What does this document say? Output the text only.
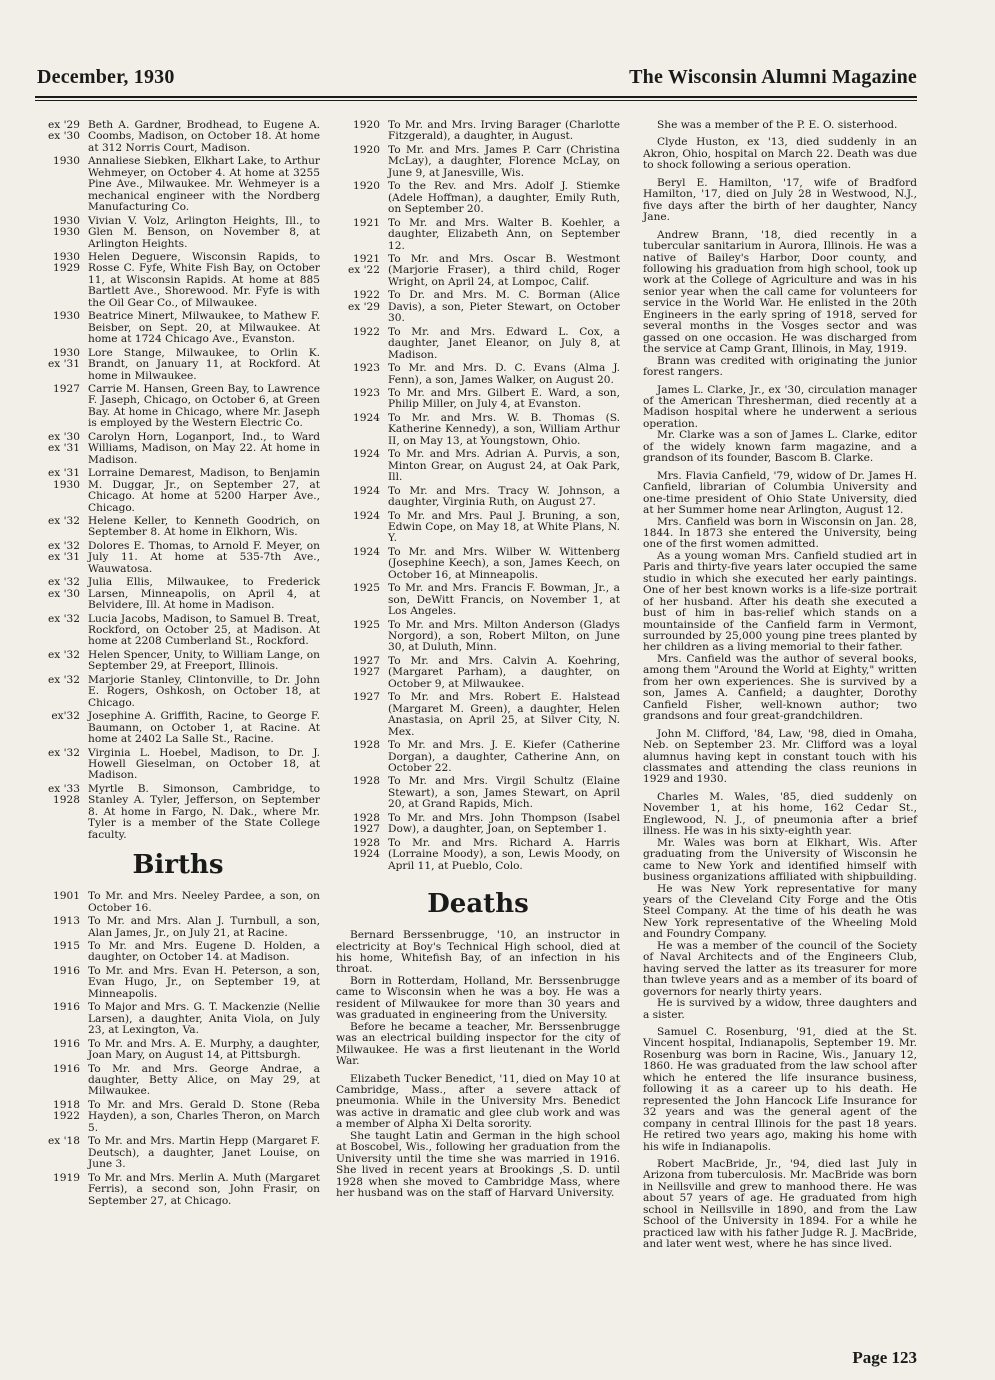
December, 1930	The Wisconsin Alumni Magazine
ex '29
ex '30
Beth A. Gardner, Brodhead, to Eugene A. Coombs, Madison, on October 18. At home at 312 Norris Court, Madison.
1930 Annaliese Siebken, Elkhart Lake, to Arthur Wehmeyer, on October 4. At home at 3255 Pine Ave., Milwaukee. Mr. Wehmeyer is a mechanical engineer with the Nordberg Manufacturing Co.
1930
1930
Vivian V. Volz, Arlington Heights, Ill., to Glen M. Benson, on November 8, at Arlington Heights.
1930
1929
Helen Deguere, Wisconsin Rapids, to Rosse C. Fyfe, White Fish Bay, on October 11, at Wisconsin Rapids. At home at 885 Bartlett Ave., Shorewood. Mr. Fyfe is with the Oil Gear Co., of Milwaukee.
1930 Beatrice Minert, Milwaukee, to Mathew F. Beisber, on Sept. 20, at Milwaukee. At home at 1724 Chicago Ave., Evanston.
1930
ex '31
Lore Stange, Milwaukee, to Orlin K. Brandt, on January 11, at Rockford. At home in Milwaukee.
1927 Carrie M. Hansen, Green Bay, to Lawrence F. Jaseph, Chicago, on October 6, at Green Bay. At home in Chicago, where Mr. Jaseph is employed by the Western Electric Co.
ex '30
ex '31
Carolyn Horn, Loganport, Ind., to Ward Williams, Madison, on May 22. At home in Madison.
ex '31
1930
Lorraine Demarest, Madison, to Benjamin M. Duggar, Jr., on September 27, at Chicago. At home at 5200 Harper Ave., Chicago.
ex '32 Helene Keller, to Kenneth Goodrich, on September 8. At home in Elkhorn, Wis.
ex '32
ex '31
Dolores E. Thomas, to Arnold F. Meyer, on July 11. At home at 535-7th Ave., Wauwatosa.
ex '32
ex '30
Julia Ellis, Milwaukee, to Frederick Larsen, Minneapolis, on April 4, at Belvidere, Ill. At home in Madison.
ex '32 Lucia Jacobs, Madison, to Samuel B. Treat, Rockford, on October 25, at Madison. At home at 2208 Cumberland St., Rockford.
ex '32 Helen Spencer, Unity, to William Lange, on September 29, at Freeport, Illinois.
ex '32 Marjorie Stanley, Clintonville, to Dr. John E. Rogers, Oshkosh, on October 18, at Chicago.
ex'32 Josephine A. Griffith, Racine, to George F. Baumann, on October 1, at Racine. At home at 2402 La Salle St., Racine.
ex '32 Virginia L. Hoebel, Madison, to Dr. J. Howell Gieselman, on October 18, at Madison.
ex '33
1928
Myrtle B. Simonson, Cambridge, to Stanley A. Tyler, Jefferson, on September 8. At home in Fargo, N. Dak., where Mr. Tyler is a member of the State College faculty.
Births
1901 To Mr. and Mrs. Neeley Pardee, a son, on October 16.
1913 To Mr. and Mrs. Alan J. Turnbull, a son, Alan James, Jr., on July 21, at Racine.
1915 To Mr. and Mrs. Eugene D. Holden, a daughter, on October 14. at Madison.
1916 To Mr. and Mrs. Evan H. Peterson, a son, Evan Hugo, Jr., on September 19, at Minneapolis.
1916 To Major and Mrs. G. T. Mackenzie (Nellie Larsen), a daughter, Anita Viola, on July 23, at Lexington, Va.
1916 To Mr. and Mrs. A. E. Murphy, a daughter, Joan Mary, on August 14, at Pittsburgh.
1916 To Mr. and Mrs. George Andrae, a daughter, Betty Alice, on May 29, at Milwaukee.
1918
1922
To Mr. and Mrs. Gerald D. Stone (Reba Hayden), a son, Charles Theron, on March 5.
ex '18 To Mr. and Mrs. Martin Hepp (Margaret F. Deutsch), a daughter, Janet Louise, on June 3.
1919 To Mr. and Mrs. Merlin A. Muth (Margaret Ferris), a second son, John Frasir, on September 27, at Chicago.
1920 To Mr. and Mrs. Irving Barager (Charlotte Fitzgerald), a daughter, in August.
1920 To Mr. and Mrs. James P. Carr (Christina McLay), a daughter, Florence McLay, on June 9, at Janesville, Wis.
1920 To the Rev. and Mrs. Adolf J. Stiemke (Adele Hoffman), a daughter, Emily Ruth, on September 20.
1921 To Mr. and Mrs. Walter B. Koehler, a daughter, Elizabeth Ann, on September 12.
1921
ex '22
To Mr. and Mrs. Oscar B. Westmont (Marjorie Fraser), a third child, Roger Wright, on April 24, at Lompoc, Calif.
1922
ex '29
To Dr. and Mrs. M. C. Borman (Alice Davis), a son, Pieter Stewart, on October 30.
1922 To Mr. and Mrs. Edward L. Cox, a daughter, Janet Eleanor, on July 8, at Madison.
1923 To Mr. and Mrs. D. C. Evans (Alma J. Fenn), a son, James Walker, on August 20.
1923 To Mr. and Mrs. Gilbert E. Ward, a son, Philip Miller, on July 4, at Evanston.
1924 To Mr. and Mrs. W. B. Thomas (S. Katherine Kennedy), a son, William Arthur II, on May 13, at Youngstown, Ohio.
1924 To Mr. and Mrs. Adrian A. Purvis, a son, Minton Grear, on August 24, at Oak Park, Ill.
1924 To Mr. and Mrs. Tracy W. Johnson, a daughter, Virginia Ruth, on August 27.
1924 To Mr. and Mrs. Paul J. Bruning, a son, Edwin Cope, on May 18, at White Plans, N. Y.
1924 To Mr. and Mrs. Wilber W. Wittenberg (Josephine Keech), a son, James Keech, on October 16, at Minneapolis.
1925 To Mr. and Mrs. Francis F. Bowman, Jr., a son, DeWitt Francis, on November 1, at Los Angeles.
1925 To Mr. and Mrs. Milton Anderson (Gladys Norgord), a son, Robert Milton, on June 30, at Duluth, Minn.
1927
1927
To Mr. and Mrs. Calvin A. Koehring, (Margaret Parham), a daughter, on October 9, at Milwaukee.
1927 To Mr. and Mrs. Robert E. Halstead (Margaret M. Green), a daughter, Helen Anastasia, on April 25, at Silver City, N. Mex.
1928 To Mr. and Mrs. J. E. Kiefer (Catherine Dorgan), a daughter, Catherine Ann, on October 22.
1928 To Mr. and Mrs. Virgil Schultz (Elaine Stewart), a son, James Stewart, on April 20, at Grand Rapids, Mich.
1928
1927
To Mr. and Mrs. John Thompson (Isabel Dow), a daughter, Joan, on September 1.
1928
1924
To Mr. and Mrs. Richard A. Harris (Lorraine Moody), a son, Lewis Moody, on April 11, at Pueblo, Colo.
Deaths

Bernard Berssenbrugge, '10, an instructor in electricity at Boy's Technical High school, died at his home, Whitefish Bay, of an infection in his throat.

Born in Rotterdam, Holland, Mr. Berssenbrugge came to Wisconsin when he was a boy. He was a resident of Milwaukee for more than 30 years and was graduated in engineering from the University.

Before he became a teacher, Mr. Berssenbrugge was an electrical building inspector for the city of Milwaukee. He was a first lieutenant in the World War.

Elizabeth Tucker Benedict, '11, died on May 10 at Cambridge, Mass., after a severe attack of pneumonia. While in the University Mrs. Benedict was active in dramatic and glee club work and was a member of Alpha Xi Delta sorority.

She taught Latin and German in the high school at Boscobel, Wis., following her graduation from the University until the time she was married in 1916. She lived in recent years at Brookings ,S. D. until 1928 when she moved to Cambridge Mass, where her husband was on the staff of Harvard University.

She was a member of the P. E. O. sisterhood.

Clyde Huston, ex '13, died suddenly in an Akron, Ohio, hospital on March 22. Death was due to shock following a serious operation.

Beryl E. Hamilton, '17, wife of Bradford Hamilton, '17, died on July 28 in Westwood, N.J., five days after the birth of her daughter, Nancy Jane.

Andrew Brann, '18, died recently in a tubercular sanitarium in Aurora, Illinois. He was a native of Bailey's Harbor, Door county, and following his graduation from high school, took up work at the College of Agriculture and was in his senior year when the call came for volunteers for service in the World War. He enlisted in the 20th Engineers in the early spring of 1918, served for several months in the Vosges sector and was gassed on one occasion. He was discharged from the service at Camp Grant, Illinois, in May, 1919.

Brann was credited with originating the junior forest rangers.

James L. Clarke, Jr., ex '30, circulation manager of the American Thresherman, died recently at a Madison hospital where he underwent a serious operation.

Mr. Clarke was a son of James L. Clarke, editor of the widely known farm magazine, and a grandson of its founder, Bascom B. Clarke.

Mrs. Flavia Canfield, '79, widow of Dr. James H. Canfield, librarian of Columbia University and one-time president of Ohio State University, died at her Summer home near Arlington, August 12.

Mrs. Canfield was born in Wisconsin on Jan. 28, 1844. In 1873 she entered the University, being one of the first women admitted.

As a young woman Mrs. Canfield studied art in Paris and thirty-five years later occupied the same studio in which she executed her early paintings. One of her best known works is a life-size portrait of her husband. After his death she executed a bust of him in bas-relief which stands on a mountainside of the Canfield farm in Vermont, surrounded by 25,000 young pine trees planted by her children as a living memorial to their father.

Mrs. Canfield was the author of several books, among them "Around the World at Eighty," written from her own experiences. She is survived by a son, James A. Canfield; a daughter, Dorothy Canfield Fisher, well-known author; two grandsons and four great-grandchildren.

John M. Clifford, '84, Law, '98, died in Omaha, Neb. on September 23. Mr. Clifford was a loyal alumnus having kept in constant touch with his classmates and attending the class reunions in 1929 and 1930.

Charles M. Wales, '85, died suddenly on November 1, at his home, 162 Cedar St., Englewood, N. J., of pneumonia after a brief illness. He was in his sixty-eighth year.

Mr. Wales was born at Elkhart, Wis. After graduating from the University of Wisconsin he came to New York and identified himself with business organizations affiliated with shipbuilding.

He was New York representative for many years of the Cleveland City Forge and the Otis Steel Company. At the time of his death he was New York representative of the Wheeling Mold and Foundry Company.

He was a member of the council of the Society of Naval Architects and of the Engineers Club, having served the latter as its treasurer for more than twleve years and as a member of its board of governors for nearly thirty years.

He is survived by a widow, three daughters and a sister.

Samuel C. Rosenburg, '91, died at the St. Vincent hospital, Indianapolis, September 19. Mr. Rosenburg was born in Racine, Wis., January 12, 1860. He was graduated from the law school after which he entered the life insurance business, following it as a career up to his death. He represented the John Hancock Life Insurance for 32 years and was the general agent of the company in central Illinois for the past 18 years. He retired two years ago, making his home with his wife in Indianapolis.

Robert MacBride, Jr., '94, died last July in Arizona from tuberculosis. Mr. MacBride was born in Neillsville and grew to manhood there. He was about 57 years of age. He graduated from high school in Neillsville in 1890, and from the Law School of the University in 1894. For a while he practiced law with his father Judge R. J. MacBride, and later went west, where he has since lived.

Page 123
